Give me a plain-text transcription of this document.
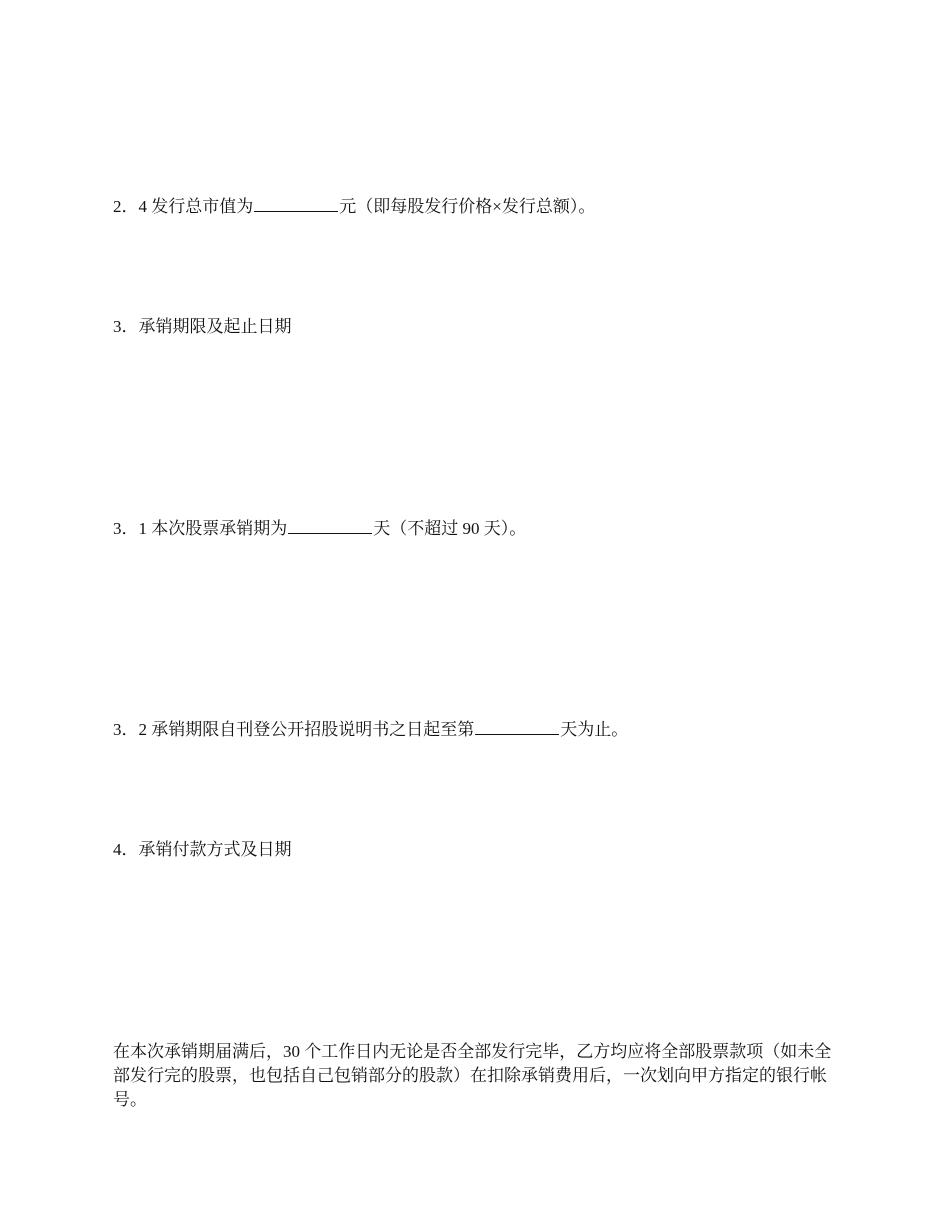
2．4 发行总市值为	元（即每股发行价格×发行总额）。
3．承销期限及起止日期
3．1 本次股票承销期为	天（不超过 90 天）。
3．2 承销期限自刊登公开招股说明书之日起至第	天为止。
4．承销付款方式及日期
在本次承销期届满后，30 个工作日内无论是否全部发行完毕，乙方均应将全部股票款项（如未全部发行完的股票，也包括自己包销部分的股款）在扣除承销费用后，一次划向甲方指定的银行帐号。
